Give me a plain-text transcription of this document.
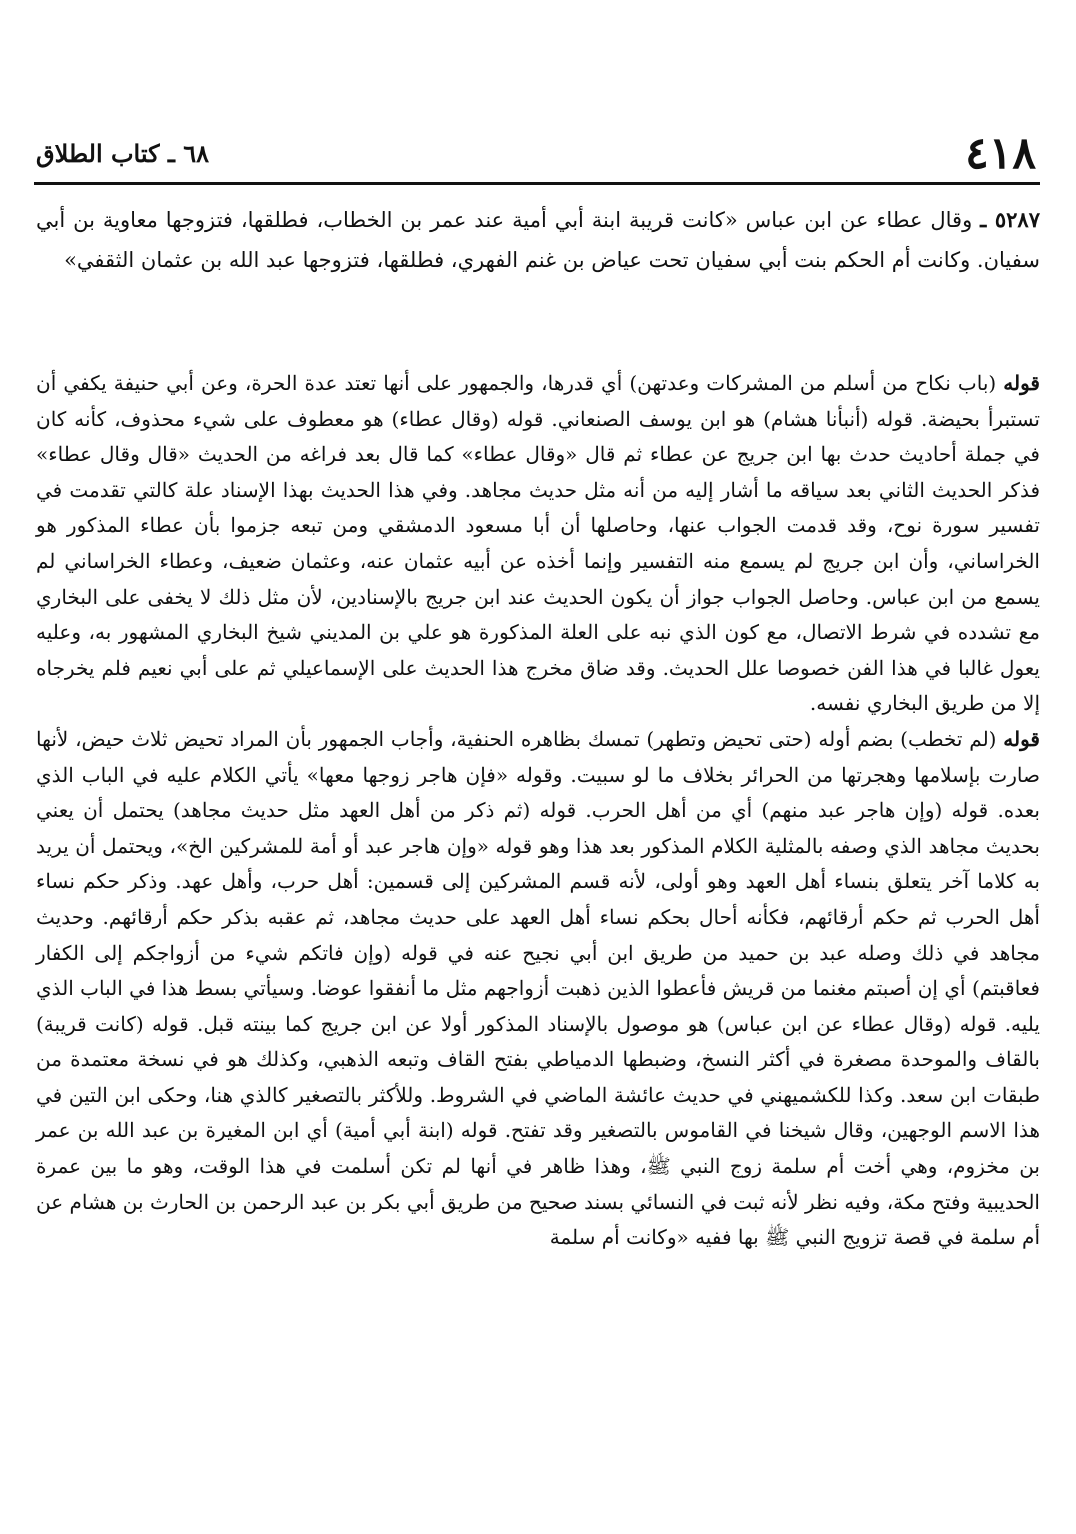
٤١٨
٦٨ ـ كتاب الطلاق
٥٢٨٧ ـ وقال عطاء عن ابن عباس «كانت قريبة ابنة أبي أمية عند عمر بن الخطاب، فطلقها، فتزوجها معاوية بن أبي سفيان. وكانت أم الحكم بنت أبي سفيان تحت عياض بن غنم الفهري، فطلقها، فتزوجها عبد الله بن عثمان الثقفي»

قوله (باب نكاح من أسلم من المشركات وعدتهن) أي قدرها، والجمهور على أنها تعتد عدة الحرة، وعن أبي حنيفة يكفي أن تستبرأ بحيضة. قوله (أنبأنا هشام) هو ابن يوسف الصنعاني. قوله (وقال عطاء) هو معطوف على شيء محذوف، كأنه كان في جملة أحاديث حدث بها ابن جريج عن عطاء ثم قال «وقال عطاء» كما قال بعد فراغه من الحديث «قال وقال عطاء» فذكر الحديث الثاني بعد سياقه ما أشار إليه من أنه مثل حديث مجاهد. وفي هذا الحديث بهذا الإسناد علة كالتي تقدمت في تفسير سورة نوح، وقد قدمت الجواب عنها، وحاصلها أن أبا مسعود الدمشقي ومن تبعه جزموا بأن عطاء المذكور هو الخراساني، وأن ابن جريج لم يسمع منه التفسير وإنما أخذه عن أبيه عثمان عنه، وعثمان ضعيف، وعطاء الخراساني لم يسمع من ابن عباس. وحاصل الجواب جواز أن يكون الحديث عند ابن جريج بالإسنادين، لأن مثل ذلك لا يخفى على البخاري مع تشدده في شرط الاتصال، مع كون الذي نبه على العلة المذكورة هو علي بن المديني شيخ البخاري المشهور به، وعليه يعول غالبا في هذا الفن خصوصا علل الحديث. وقد ضاق مخرج هذا الحديث على الإسماعيلي ثم على أبي نعيم فلم يخرجاه إلا من طريق البخاري نفسه.

قوله (لم تخطب) بضم أوله (حتى تحيض وتطهر) تمسك بظاهره الحنفية، وأجاب الجمهور بأن المراد تحيض ثلاث حيض، لأنها صارت بإسلامها وهجرتها من الحرائر بخلاف ما لو سبيت. وقوله «فإن هاجر زوجها معها» يأتي الكلام عليه في الباب الذي بعده. قوله (وإن هاجر عبد منهم) أي من أهل الحرب. قوله (ثم ذكر من أهل العهد مثل حديث مجاهد) يحتمل أن يعني بحديث مجاهد الذي وصفه بالمثلية الكلام المذكور بعد هذا وهو قوله «وإن هاجر عبد أو أمة للمشركين الخ»، ويحتمل أن يريد به كلاما آخر يتعلق بنساء أهل العهد وهو أولى، لأنه قسم المشركين إلى قسمين: أهل حرب، وأهل عهد. وذكر حكم نساء أهل الحرب ثم حكم أرقائهم، فكأنه أحال بحكم نساء أهل العهد على حديث مجاهد، ثم عقبه بذكر حكم أرقائهم. وحديث مجاهد في ذلك وصله عبد بن حميد من طريق ابن أبي نجيح عنه في قوله (وإن فاتكم شيء من أزواجكم إلى الكفار فعاقبتم) أي إن أصبتم مغنما من قريش فأعطوا الذين ذهبت أزواجهم مثل ما أنفقوا عوضا. وسيأتي بسط هذا في الباب الذي يليه. قوله (وقال عطاء عن ابن عباس) هو موصول بالإسناد المذكور أولا عن ابن جريج كما بينته قبل. قوله (كانت قريبة) بالقاف والموحدة مصغرة في أكثر النسخ، وضبطها الدمياطي بفتح القاف وتبعه الذهبي، وكذلك هو في نسخة معتمدة من طبقات ابن سعد. وكذا للكشميهني في حديث عائشة الماضي في الشروط. وللأكثر بالتصغير كالذي هنا، وحكى ابن التين في هذا الاسم الوجهين، وقال شيخنا في القاموس بالتصغير وقد تفتح. قوله (ابنة أبي أمية) أي ابن المغيرة بن عبد الله بن عمر بن مخزوم، وهي أخت أم سلمة زوج النبي ﷺ، وهذا ظاهر في أنها لم تكن أسلمت في هذا الوقت، وهو ما بين عمرة الحديبية وفتح مكة، وفيه نظر لأنه ثبت في النسائي بسند صحيح من طريق أبي بكر بن عبد الرحمن بن الحارث بن هشام عن أم سلمة في قصة تزويج النبي ﷺ بها ففيه «وكانت أم سلمة
